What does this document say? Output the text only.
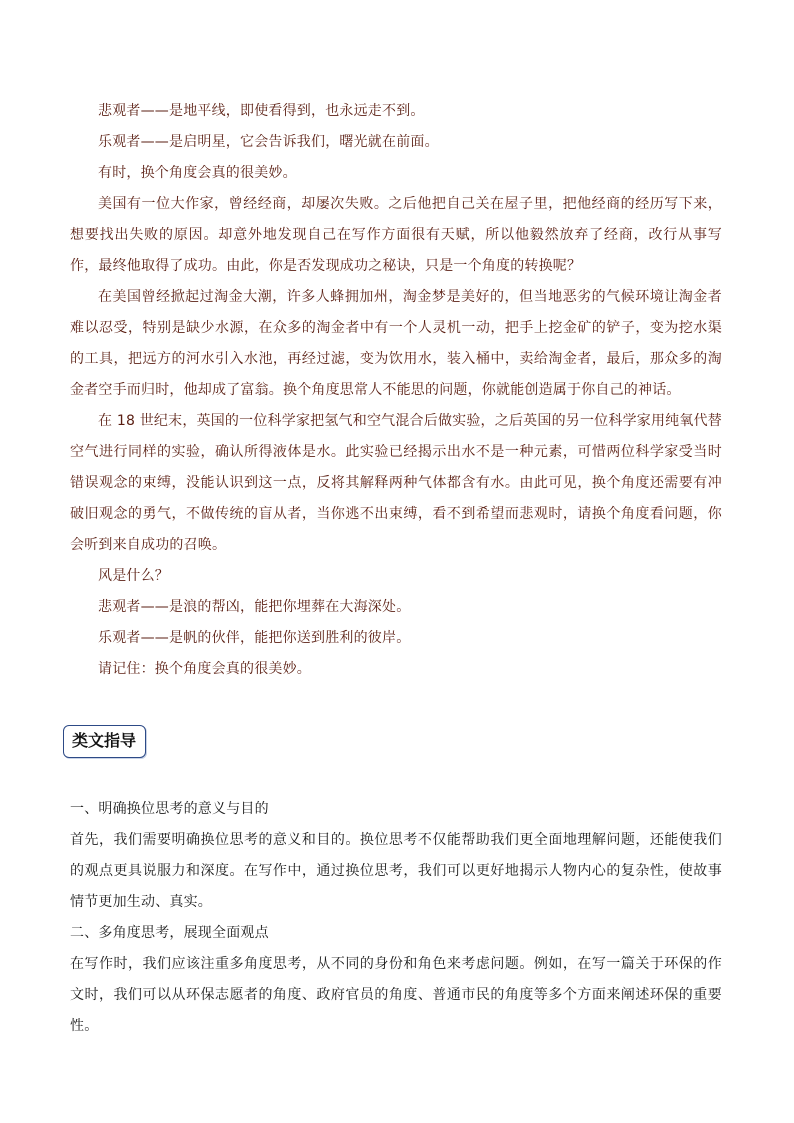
悲观者——是地平线，即使看得到，也永远走不到。

乐观者——是启明星，它会告诉我们，曙光就在前面。

有时，换个角度会真的很美妙。

美国有一位大作家，曾经经商，却屡次失败。之后他把自己关在屋子里，把他经商的经历写下来，想要找出失败的原因。却意外地发现自己在写作方面很有天赋，所以他毅然放弃了经商，改行从事写作，最终他取得了成功。由此，你是否发现成功之秘诀，只是一个角度的转换呢？

在美国曾经掀起过淘金大潮，许多人蜂拥加州，淘金梦是美好的，但当地恶劣的气候环境让淘金者难以忍受，特别是缺少水源，在众多的淘金者中有一个人灵机一动，把手上挖金矿的铲子，变为挖水渠的工具，把远方的河水引入水池，再经过滤，变为饮用水，装入桶中，卖给淘金者，最后，那众多的淘金者空手而归时，他却成了富翁。换个角度思常人不能思的问题，你就能创造属于你自己的神话。

在 18 世纪末，英国的一位科学家把氢气和空气混合后做实验，之后英国的另一位科学家用纯氧代替空气进行同样的实验，确认所得液体是水。此实验已经揭示出水不是一种元素，可惜两位科学家受当时错误观念的束缚，没能认识到这一点，反将其解释两种气体都含有水。由此可见，换个角度还需要有冲破旧观念的勇气，不做传统的盲从者，当你逃不出束缚，看不到希望而悲观时，请换个角度看问题，你会听到来自成功的召唤。

风是什么？

悲观者——是浪的帮凶，能把你埋葬在大海深处。

乐观者——是帆的伙伴，能把你送到胜利的彼岸。

请记住：换个角度会真的很美妙。

类文指导

一、明确换位思考的意义与目的

首先，我们需要明确换位思考的意义和目的。换位思考不仅能帮助我们更全面地理解问题，还能使我们的观点更具说服力和深度。在写作中，通过换位思考，我们可以更好地揭示人物内心的复杂性，使故事情节更加生动、真实。

二、多角度思考，展现全面观点

在写作时，我们应该注重多角度思考，从不同的身份和角色来考虑问题。例如，在写一篇关于环保的作文时，我们可以从环保志愿者的角度、政府官员的角度、普通市民的角度等多个方面来阐述环保的重要性。
